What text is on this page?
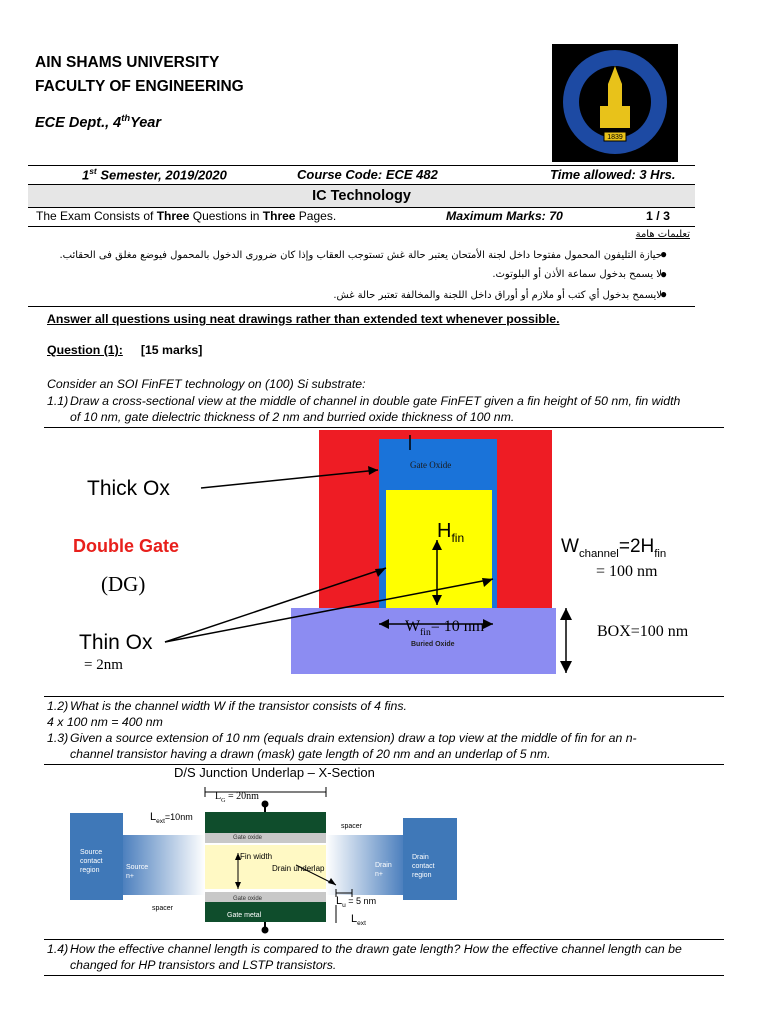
AIN SHAMS UNIVERSITY
FACULTY OF ENGINEERING
ECE Dept., 4thYear
1839
1st Semester, 2019/2020	Course Code: ECE 482	Time allowed: 3 Hrs.
IC Technology
The Exam Consists of Three Questions in Three Pages.	Maximum Marks: 70	1 / 3
تعليمات هامة
حيازة التليفون المحمول مفتوحا داخل لجنة الأمتحان يعتبر حالة غش تستوجب العقاب وإذا كان ضرورى الدخول بالمحمول فيوضع مغلق فى الحقائب.
●
لا يسمح بدخول سماعة الأذن أو البلوتوث.
●
لايسمح بدخول أي كتب أو ملازم أو أوراق داخل اللجنة والمخالفة تعتبر حالة غش.
●
Answer all questions using neat drawings rather than extended text whenever possible.
Question (1): [15 marks]
Consider an SOI FinFET technology on (100) Si substrate:
1.1) Draw a cross-sectional view at the middle of channel in double gate FinFET given a fin height of 50 nm, fin width
of 10 nm, gate dielectric thickness of 2 nm and burried oxide thickness of 100 nm.
Gate Oxide
Buried Oxide
Thick Ox
Double Gate
(DG)
Thin Ox
= 2nm
$H_{fin}$	$W_{channel}=2H_{fin}$
= 100 nm
$W_{fin}= 10$ nm	BOX=100 nm
1.2) What is the channel width W if the transistor consists of 4 fins.
4 x 100 nm = 400 nm
1.3) Given a source extension of 10 nm (equals drain extension) draw a top view at the middle of fin for an n-
channel transistor having a drawn (mask) gate length of 20 nm and an underlap of 5 nm.
D/S Junction Underlap – X-Section
Gate oxide
Gate oxide
Gate metal
$L_G = 20nm$
$L_{ext}=10nm$
spacer
spacer
Fin width
Drain underlap
Source contact region	Source n+
Drain n+
Drain contact region
$L_u = 5$ nm
$L_{ext}$
1.4) How the effective channel length is compared to the drawn gate length? How the effective channel length can be
changed for HP transistors and LSTP transistors.
